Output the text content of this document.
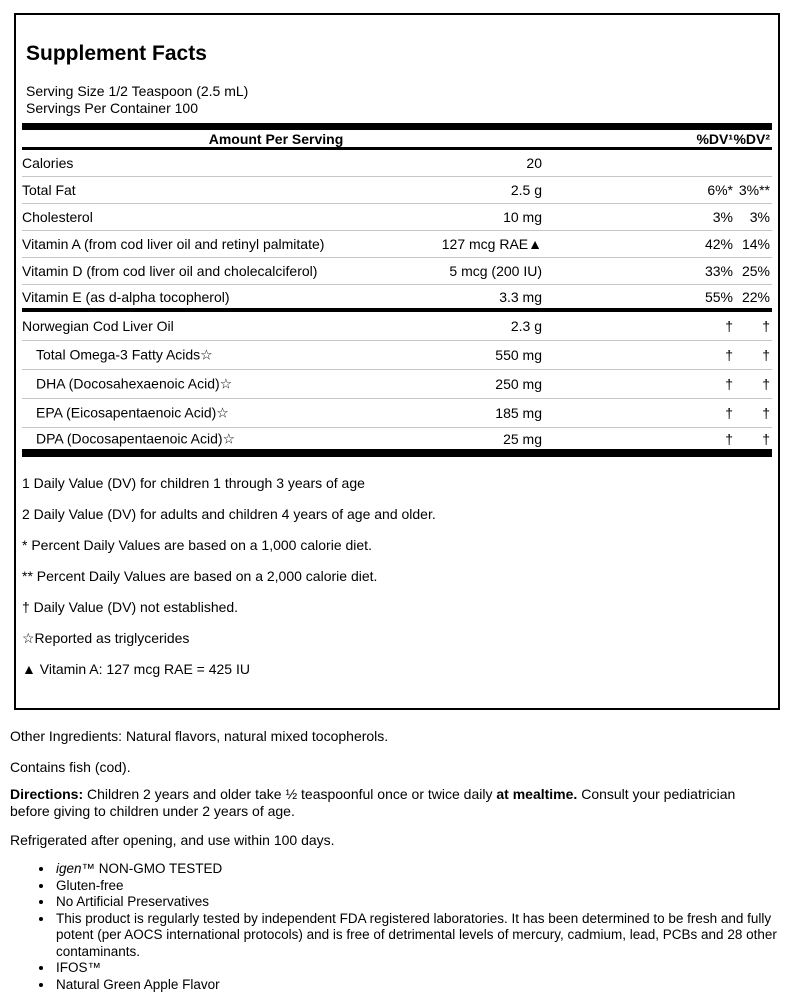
Supplement Facts
Serving Size 1/2 Teaspoon (2.5 mL)
Servings Per Container 100
Amount Per Serving	%DV¹ %DV²
Calories	20
Total Fat	2.5 g	6%* 3%**
Cholesterol	10 mg	3% 3%
Vitamin A (from cod liver oil and retinyl palmitate)	127 mcg RAE▲	42% 14%
Vitamin D (from cod liver oil and cholecalciferol)	5 mcg (200 IU)	33% 25%
Vitamin E (as d-alpha tocopherol)	3.3 mg	55% 22%
Norwegian Cod Liver Oil	2.3 g	† †
Total Omega-3 Fatty Acids☆	550 mg	† †
DHA (Docosahexaenoic Acid)☆	250 mg	† †
EPA (Eicosapentaenoic Acid)☆	185 mg	† †
DPA (Docosapentaenoic Acid)☆	25 mg	† †
1 Daily Value (DV) for children 1 through 3 years of age
2 Daily Value (DV) for adults and children 4 years of age and older.
* Percent Daily Values are based on a 1,000 calorie diet.
** Percent Daily Values are based on a 2,000 calorie diet.
† Daily Value (DV) not established.
☆Reported as triglycerides
▲ Vitamin A: 127 mcg RAE = 425 IU

Other Ingredients: Natural flavors, natural mixed tocopherols.

Contains fish (cod).

Directions: Children 2 years and older take ½ teaspoonful once or twice daily at mealtime. Consult your pediatrician
before giving to children under 2 years of age.

Refrigerated after opening, and use within 100 days.

• igen™ NON-GMO TESTED
• Gluten-free
• No Artificial Preservatives
• This product is regularly tested by independent FDA registered laboratories. It has been determined to be fresh and fully potent (per AOCS international protocols) and is free of detrimental levels of mercury, cadmium, lead, PCBs and 28 other contaminants.
• IFOS™
• Natural Green Apple Flavor
